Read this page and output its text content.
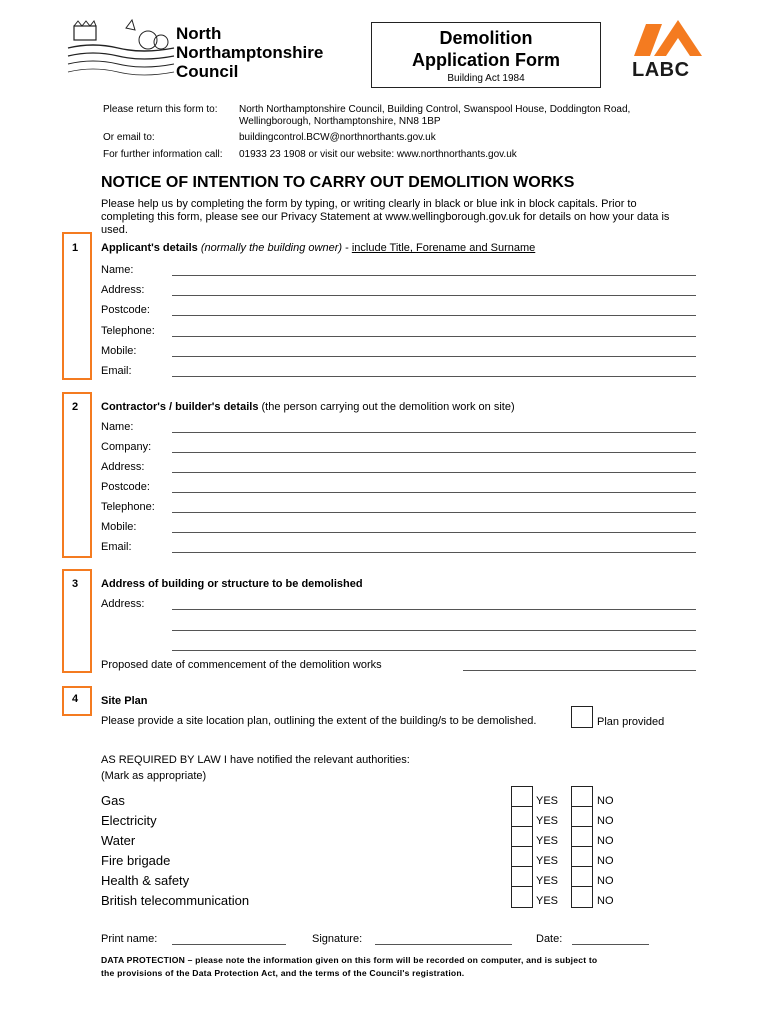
North
Northamptonshire
Council
Demolition
Application Form
Building Act 1984	LABC
Please return this form to: North Northamptonshire Council, Building Control, Swanspool House, Doddington Road,
Wellingborough, Northamptonshire, NN8 1BP
Or email to:	buildingcontrol.BCW@northnorthants.gov.uk
For further information call: 01933 23 1908 or visit our website: www.northnorthants.gov.uk
NOTICE OF INTENTION TO CARRY OUT DEMOLITION WORKS
Please help us by completing the form by typing, or writing clearly in black or blue ink in block capitals. Prior to
completing this form, please see our Privacy Statement at www.wellingborough.gov.uk for details on how your data is
used.
1 Applicant's details (normally the building owner) - include Title, Forename and Surname
Name:
Address:
Postcode:
Telephone:
Mobile:
Email:
2 Contractor's / builder's details (the person carrying out the demolition work on site)
Name:
Company:
Address:
Postcode:
Telephone:
Mobile:
Email:
3 Address of building or structure to be demolished
Address:
Proposed date of commencement of the demolition works
4 Site Plan
Please provide a site location plan, outlining the extent of the building/s to be demolished.	Plan provided
AS REQUIRED BY LAW I have notified the relevant authorities:
(Mark as appropriate)
Gas	YES	NO
Electricity	YES	NO
Water	YES	NO
Fire brigade	YES	NO
Health & safety	YES	NO
British telecommunication	YES	NO
Print name:	Signature:	Date:
DATA PROTECTION – please note the information given on this form will be recorded on computer, and is subject to
the provisions of the Data Protection Act, and the terms of the Council's registration.
